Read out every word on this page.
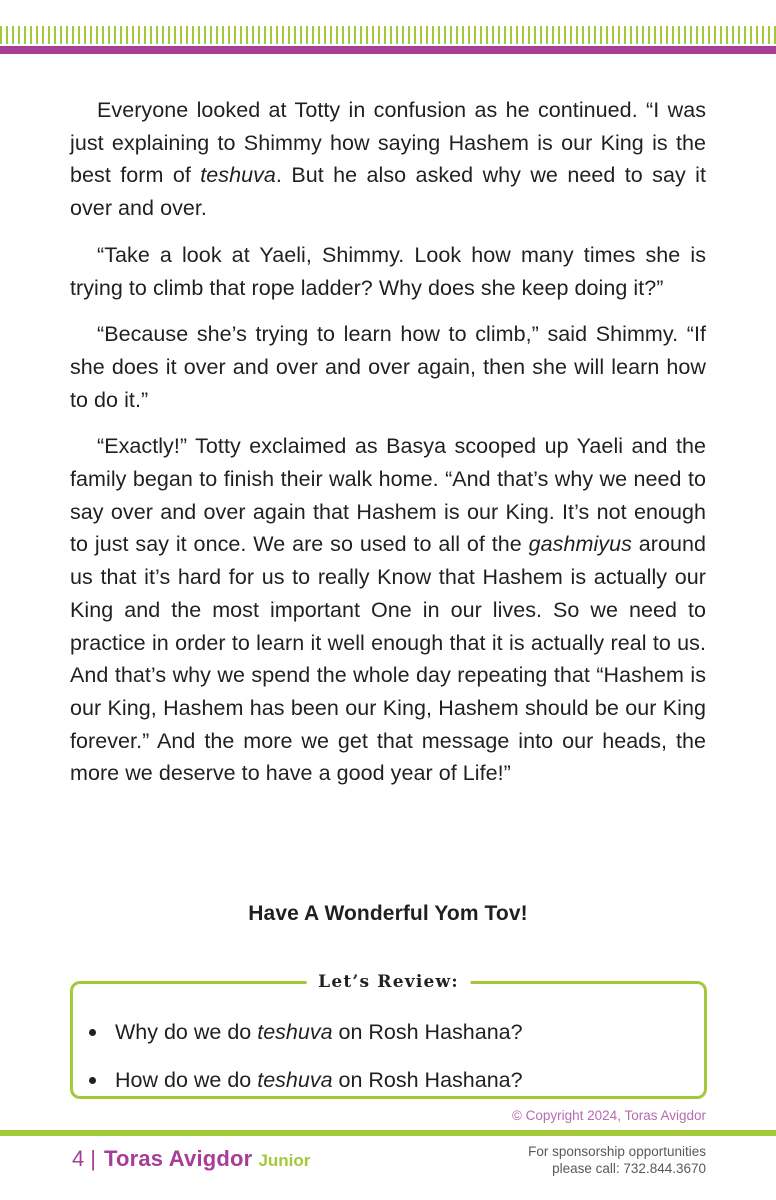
Everyone looked at Totty in confusion as he continued. “I was just explaining to Shimmy how saying Hashem is our King is the best form of teshuva. But he also asked why we need to say it over and over.

“Take a look at Yaeli, Shimmy. Look how many times she is trying to climb that rope ladder? Why does she keep doing it?”

“Because she’s trying to learn how to climb,” said Shimmy. “If she does it over and over and over again, then she will learn how to do it.”

“Exactly!” Totty exclaimed as Basya scooped up Yaeli and the family began to finish their walk home. “And that’s why we need to say over and over again that Hashem is our King. It’s not enough to just say it once. We are so used to all of the gashmiyus around us that it’s hard for us to really Know that Hashem is actually our King and the most important One in our lives. So we need to practice in order to learn it well enough that it is actually real to us. And that’s why we spend the whole day repeating that “Hashem is our King, Hashem has been our King, Hashem should be our King forever.” And the more we get that message into our heads, the more we deserve to have a good year of Life!”

Have A Wonderful Yom Tov!
Let’s Review:
Why do we do teshuva on Rosh Hashana?
How do we do teshuva on Rosh Hashana?
© Copyright 2024, Toras Avigdor
4 | Toras Avigdor Junior	For sponsorship opportunities
please call: 732.844.3670
